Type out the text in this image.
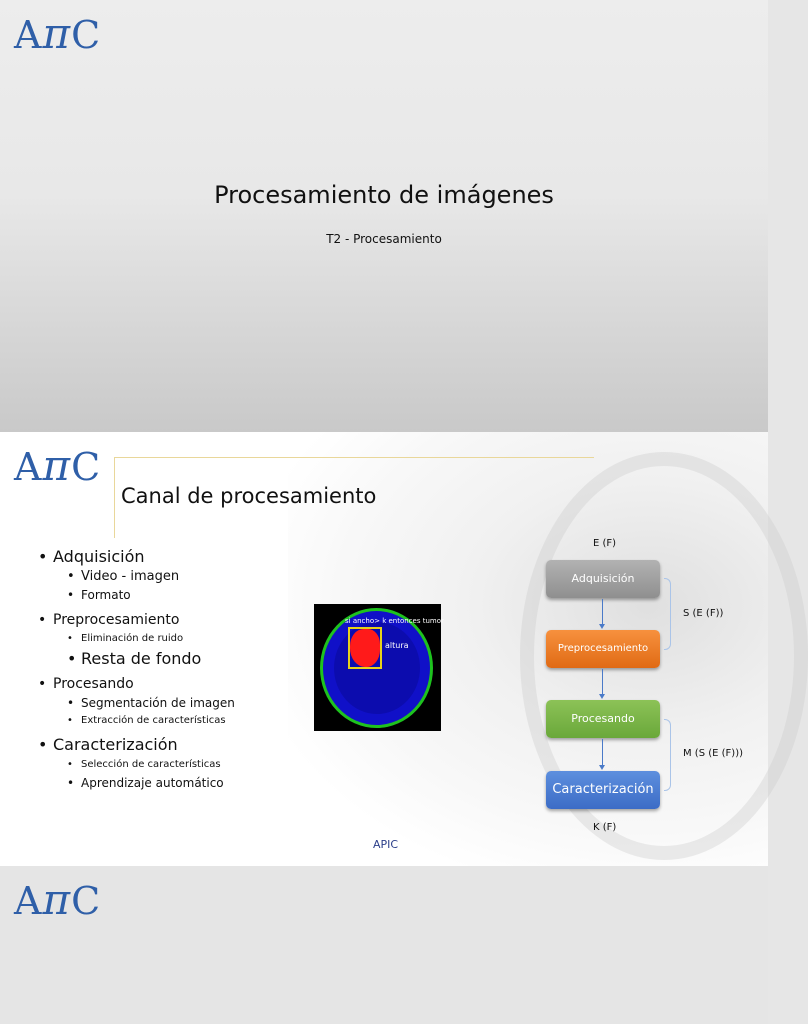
AπC
Procesamiento de imágenes
T2 - Procesamiento
AπC
Canal de procesamiento
• Adquisición
• Video - imagen
• Formato
• Preprocesamiento
• Eliminación de ruido
• Resta de fondo
• Procesando
• Segmentación de imagen
• Extracción de características
• Caracterización
• Selección de características
• Aprendizaje automático
si ancho> k entonces tumor
altura
E (F)
Adquisición
Preprocesamiento
Procesando
Caracterización
S (E (F))
M (S (E (F)))
K (F)
APIC
AπC
